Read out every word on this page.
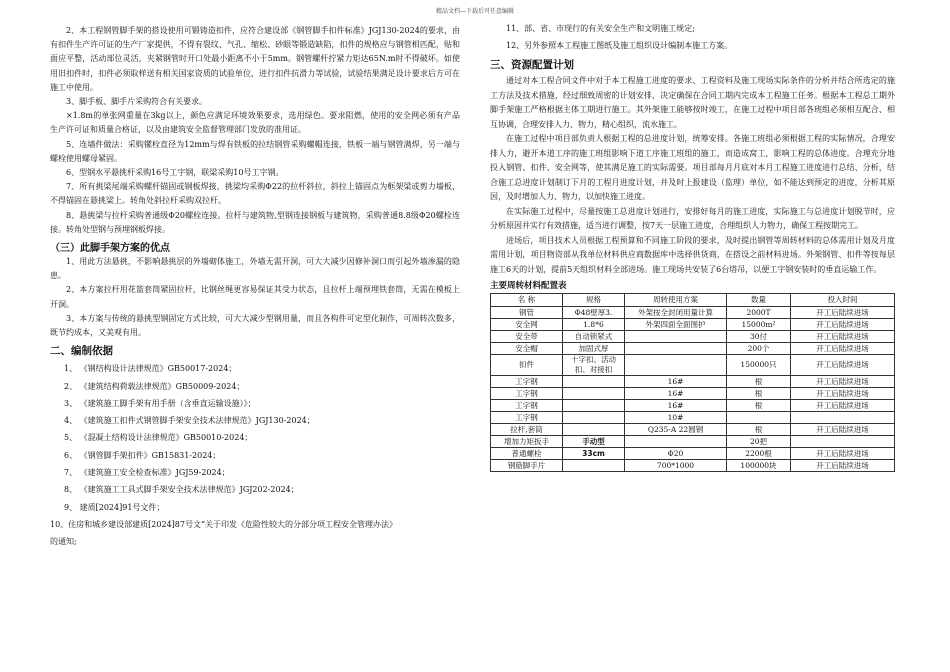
精品文档---下载后可任意编辑

2、本工程钢管脚手架的搭设使用可锻铸造扣件，应符合建设部《钢管脚手扣件标准》JGJ130-2024的要求，由有扣件生产许可证的生产厂家提供，不得有裂纹、气孔、缩松、砂眼等锻造缺陷，扣件的规格应与钢管相匹配，贴和面应平整，活动部位灵活，夹紧钢管时开口处最小距离不小于5mm。钢管螺杆拧紧力矩达65N.m时不得破坏。如使用旧扣件时，扣件必须取样送有相关国家资质的试验单位，进行扣件抗滑力等试验，试验结果满足设计要求后方可在施工中使用。

3、脚手板、脚手片采购符合有关要求。

×1.8m的单张网重量在3kg以上，颜色应满足环境效果要求，选用绿色。要求阻燃，使用的安全网必须有产品生产许可证和质量合格证，以及由建筑安全监督管理部门发放的准用证。

5、连墙件做法：采购镙栓直径为12mm与焊有铁板的拉结钢管采购螺帽连接，铁板一端与钢管满焊，另一端与螺栓使用螺母紧固。

6、型钢水平悬挑杆采购16号工字钢，联梁采购10号工字钢。

7、所有挑梁尾端采购螺杆锚固或钢板焊接，挑梁均采购Φ22的拉杆斜拉，斜拉上锚固点为框架梁或剪力墙板，不得锚固在悬挑梁上。转角处斜拉杆采购双拉杆。

8、悬挑梁与拉杆采购普通级Φ20螺栓连接。拉杆与建筑物,型钢连接钢板与建筑物，采购普通8.8级Φ20螺栓连接。转角处型钢与预埋钢板焊接。

（三）此脚手架方案的优点

1、用此方法悬挑，不影响悬挑层的外墙砌体施工，外墙无需开洞，可大大减少因修补洞口而引起外墙渗漏的隐患。

2、本方案拉杆用花篮套筒紧固拉杆，比钢丝绳更容易保证其受力状态，且拉杆上端预埋铁套筒，无需在模板上开洞。

3、本方案与传统的悬挑型钢固定方式比较，可大大减少型钢用量，而且各构件可定型化制作，可周转次数多，既节约成本，又美观有用。

二、编制依据
1、 《钢结构设计法律规范》GB50017-2024；
2、 《建筑结构荷载法律规范》GB50009-2024；
3、 《建筑施工脚手架有用手册（含垂直运输设施）》；
4、 《建筑施工扣件式钢管脚手架安全技术法律规范》JGJ130-2024；
5、 《混凝土结构设计法律规范》GB50010-2024；
6、 《钢管脚手架扣件》GB15831-2024；
7、 《建筑施工安全检查标准》JGJ59-2024；
8、 《建筑施工工具式脚手架安全技术法律规范》JGJ202-2024；
9、 建质[2024]91号文件；
10、住房和城乡建设部建质[2024]87号文“关于印发《危险性较大的分部分项工程安全管理办法》
的通知;
11、部、省、市现行的有关安全生产和文明施工规定;
12、另外参照本工程施工图纸及施工组织设计编制本施工方案。
三、资源配置计划

通过对本工程合同文件中对于本工程施工进度的要求、工程资料及施工现场实际条件的分析并结合所选定的施工方法及技术措施，经过细致周密的计划安排，决定确保在合同工期内完成本工程施工任务。根据本工程总工期外脚手架施工严格根据主体工期进行施工。其外架施工能够按时竣工，在施工过程中项目部各班组必须相互配合、相互协调，合理安排人力、物力，精心组织，流水施工。

在施工过程中项目部负责人根据工程的总进度计划，统筹安排。各施工班组必须根据工程的实际情况，合理安排人力，避开本道工序的施工班组影响下道工序施工班组的施工，而造成窝工，影响工程的总体进度。合理充分地投入钢管、扣件、安全网等，使其满足施工的实际需要。项目部每月月底对本月工程施工进度进行总结、分析，结合施工总进度计划制订下月的工程月进度计划，并及时上报建设（监理）单位，如不能达到预定的进度，分析其原因，及时增加人力、物力，以加快施工进度。

在实际施工过程中，尽量按施工总进度计划进行，安排好每月的施工进度，实际施工与总进度计划脱节时，应分析原因并实行有效措施，适当进行调整，按7天一层施工进度，合理组织人力物力，确保工程按期完工。

进场后，项目技术人员根据工程预算和不同施工阶段的要求，及时提出钢管等周转材料的总体需用计划及月度需用计划，项目物资部从我单位材料供应商数据库中选择供货商，在搭设之前材料进场。外架钢管、扣件等按每层施工6天的计划，提前5天组织材料全部进场。施工现场共安装了6台塔吊，以便工字钢安装时的垂直运输工作。

主要周转材料配置表
名 称	规格	周转使用方案	数量	投入时间
钢管	Φ48壁厚3.	外架按全封闭用量计算	2000T	开工后陆续进场
安全网	1.8*6	外架四面全面围护	15000m²	开工后陆续进场
安全带	自动锁紧式		30付	开工后陆续进场
安全帽	加固式厚		200个	开工后陆续进场
扣件	十字扣、活动扣、对接扣		150000只	开工后陆续进场
工字钢		16#	根	开工后陆续进场
工字钢		16#	根	开工后陆续进场
工字钢		16#	根	开工后陆续进场
工字钢		10#		
拉杆,套筒		Q235-A 22圆钢	根	开工后陆续进场
增加力矩扳手	手动型		20把	
普通螺栓	33cm	Φ20	2200根	开工后陆续进场
钢筋脚手片		700*1000	100000块	开工后陆续进场
